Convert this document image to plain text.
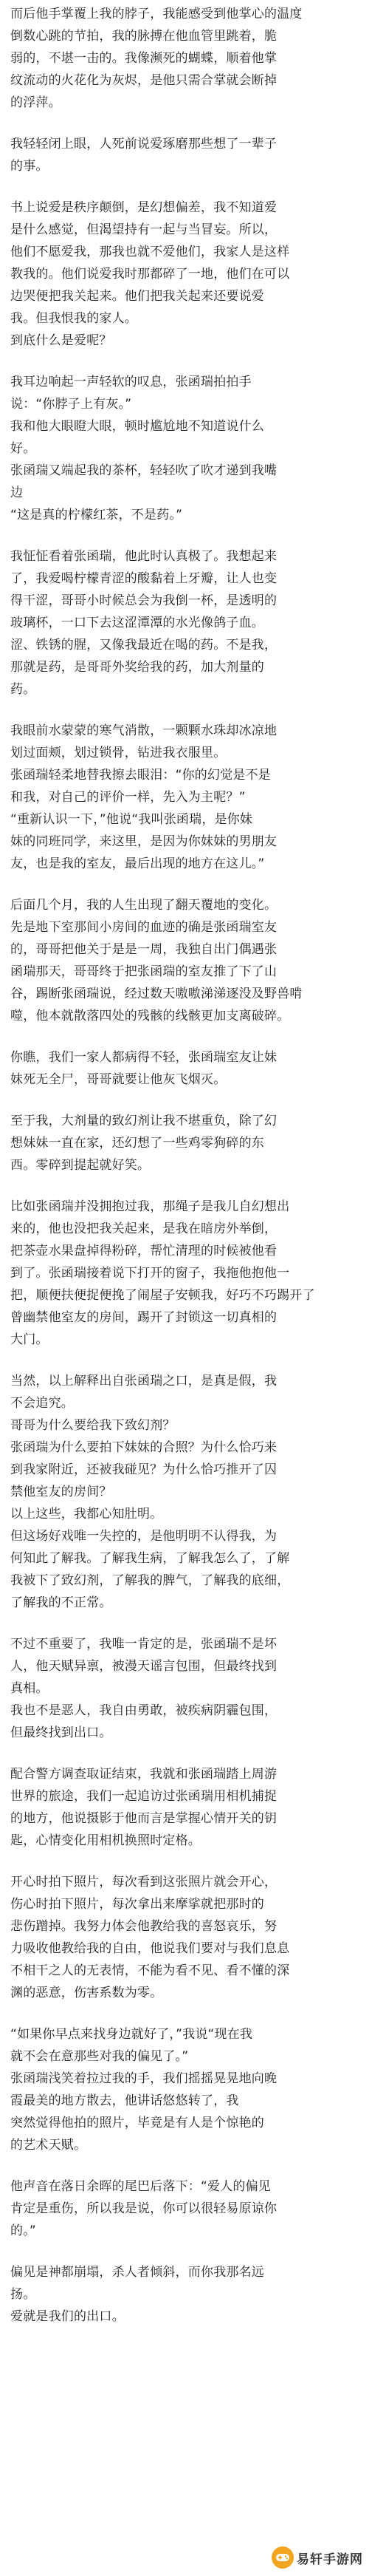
而后他手掌覆上我的脖子，我能感受到他掌心的温度
倒数心跳的节拍，我的脉搏在他血管里跳着，脆
弱的，不堪一击的。我像濒死的蝴蝶，顺着他掌
纹流动的火花化为灰烬，是他只需合掌就会断掉
的浮萍。
我轻轻闭上眼，人死前说爱琢磨那些想了一辈子
的事。
书上说爱是秩序颠倒，是幻想偏差，我不知道爱
是什么感觉，但渴望持有一起与当冒妄。所以，
他们不愿爱我，那我也就不爱他们，我家人是这样
教我的。他们说爱我时那都碎了一地，他们在可以
边哭便把我关起来。他们把我关起来还要说爱
我。但我恨我的家人。
到底什么是爱呢？
我耳边响起一声轻软的叹息，张函瑞拍拍手
说：“你脖子上有灰。”
我和他大眼瞪大眼，顿时尴尬地不知道说什么
好。
张函瑞又端起我的茶杯，轻轻吹了吹才递到我嘴
边
“这是真的柠檬红茶，不是药。”
我怔怔看着张函瑞，他此时认真极了。我想起来
了，我爱喝柠檬青涩的酸黏着上牙瓣，让人也变
得干涩，哥哥小时候总会为我倒一杯，是透明的
玻璃杯，一口下去这涩潭潭的水光像鸽子血。
涩、铁锈的腥，又像我最近在喝的药。不是我，
那就是药，是哥哥外奖给我的药，加大剂量的
药。
我眼前水蒙蒙的寒气消散，一颗颗水珠却冰凉地
划过面颊，划过锁骨，钻进我衣服里。
张函瑞轻柔地替我擦去眼泪：“你的幻觉是不是
和我，对自己的评价一样，先入为主呢？”
“重新认识一下，”他说“我叫张函瑞，是你妹
妹的同班同学，来这里，是因为你妹妹的男朋友
友，也是我的室友，最后出现的地方在这儿。”
后面几个月，我的人生出现了翻天覆地的变化。
先是地下室那间小房间的血迹的确是张函瑞室友
的，哥哥把他关于是是一周，我独自出门偶遇张
函瑞那天，哥哥终于把张函瑞的室友推了下了山
谷，踢断张函瑞说，经过数天嗷嗷涕涕逐没及野兽啃
噬，他本就散落四处的残骸的线骸更加支离破碎。
你瞧，我们一家人都病得不轻，张函瑞室友让妹
妹死无全尸，哥哥就要让他灰飞烟灭。
至于我，大剂量的致幻剂让我不堪重负，除了幻
想妹妹一直在家，还幻想了一些鸡零狗碎的东
西。零碎到提起就好笑。
比如张函瑞并没拥抱过我，那绳子是我儿自幻想出
来的，他也没把我关起来，是我在暗房外举倒，
把茶壶水果盘掉得粉碎，帮忙清理的时候被他看
到了。张函瑞接着说下打开的窗子，我拖他抱他一
把，顺便扶便捉便挽了闹屋子安顿我，好巧不巧踢开了
曾幽禁他室友的房间，踢开了封锁这一切真相的
大门。
当然，以上解释出自张函瑞之口，是真是假，我
不会追究。
哥哥为什么要给我下致幻剂？
张函瑞为什么要拍下妹妹的合照？为什么恰巧来
到我家附近，还被我碰见？为什么恰巧推开了囚
禁他室友的房间？
以上这些，我都心知肚明。
但这场好戏唯一失控的，是他明明不认得我，为
何知此了解我。了解我生病，了解我怎么了，了解
我被下了致幻剂，了解我的脾气，了解我的底细，
了解我的不正常。
不过不重要了，我唯一肯定的是，张函瑞不是坏
人，他天赋异禀，被漫天谣言包围，但最终找到
真相。
我也不是恶人，我自由勇敢，被疾病阴霾包围，
但最终找到出口。
配合警方调查取证结束，我就和张函瑞踏上周游
世界的旅途，我们一起追访过张函瑞用相机捕捉
的地方，他说摄影于他而言是掌握心情开关的钥
匙，心情变化用相机换照时定格。
开心时拍下照片，每次看到这张照片就会开心，
伤心时拍下照片，每次拿出来摩挲就把那时的
悲伤蹭掉。我努力体会他教给我的喜怒哀乐，努
力吸收他教给我的自由，他说我们要对与我们息息
不相干之人的无表情，不能为看不见、看不懂的深
渊的恶意，伤害系数为零。
“如果你早点来找身边就好了，”我说“现在我
就不会在意那些对我的偏见了。”
张函瑞浅笑着拉过我的手，我们摇摇晃晃地向晚
霞最美的地方散去，他讲话悠悠转了，我
突然觉得他拍的照片，毕竟是有人是个惊艳的
的艺术天赋。
他声音在落日余晖的尾巴后落下：“爱人的偏见
肯定是重伤，所以我是说，你可以很轻易原谅你
的。”
偏见是神都崩塌，杀人者倾斜，而你我那名远
扬。
爱就是我们的出口。
易轩手游网
